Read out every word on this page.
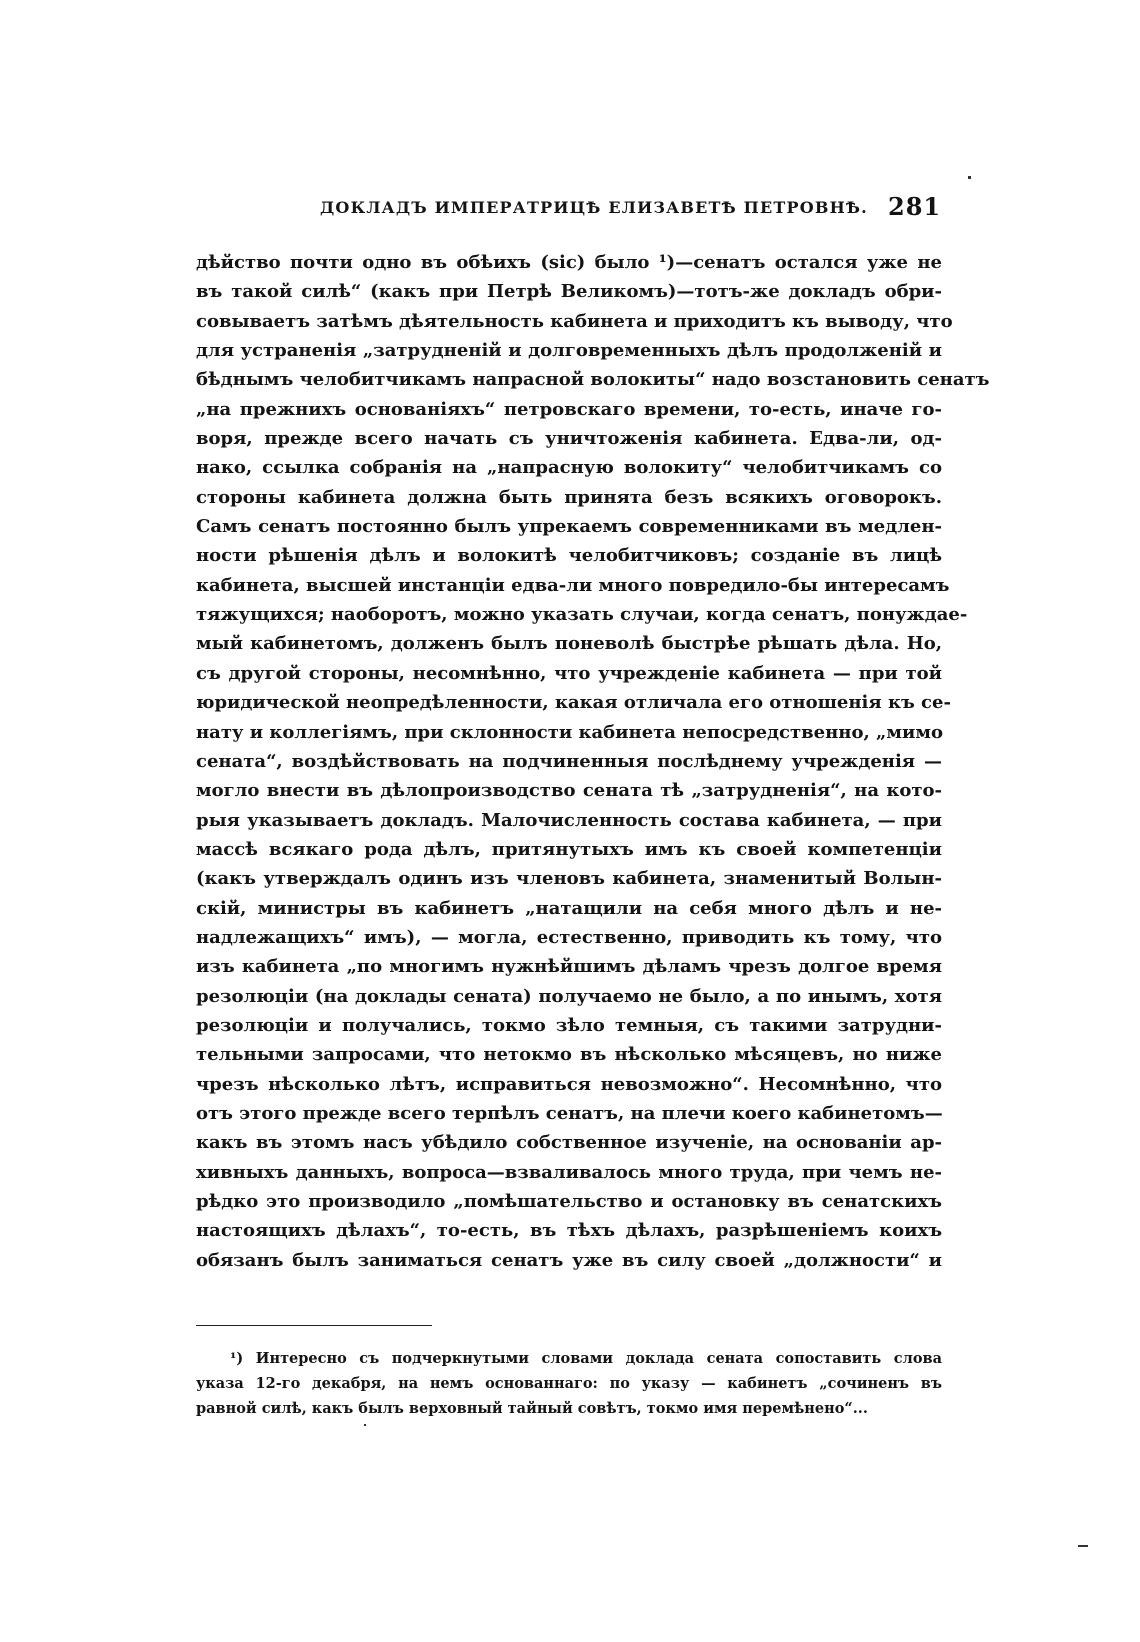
ДОКЛАДЪ ИМПЕРАТРИЦѢ ЕЛИЗАВЕТѢ ПЕТРОВНѢ. 281
дѣйство почти одно въ обѣихъ (sic) было ¹)—сенатъ остался уже не
въ такой силѣ“ (какъ при Петрѣ Великомъ)—тотъ-же докладъ обри-
совываетъ затѣмъ дѣятельность кабинета и приходитъ къ выводу, что
для устраненія „затрудненій и долговременныхъ дѣлъ продолженій и
бѣднымъ челобитчикамъ напрасной волокиты“ надо возстановить сенатъ
„на прежнихъ основаніяхъ“ петровскаго времени, то-есть, иначе го-
воря, прежде всего начать съ уничтоженія кабинета. Едва-ли, од-
нако, ссылка собранія на „напрасную волокиту“ челобитчикамъ со
стороны кабинета должна быть принята безъ всякихъ оговорокъ.
Самъ сенатъ постоянно былъ упрекаемъ современниками въ медлен-
ности рѣшенія дѣлъ и волокитѣ челобитчиковъ; созданіе въ лицѣ
кабинета, высшей инстанціи едва-ли много повредило-бы интересамъ
тяжущихся; наоборотъ, можно указать случаи, когда сенатъ, понуждае-
мый кабинетомъ, долженъ былъ поневолѣ быстрѣе рѣшать дѣла. Но,
съ другой стороны, несомнѣнно, что учрежденіе кабинета — при той
юридической неопредѣленности, какая отличала его отношенія къ се-
нату и коллегіямъ, при склонности кабинета непосредственно, „мимо
сената“, воздѣйствовать на подчиненныя послѣднему учрежденія —
могло внести въ дѣлопроизводство сената тѣ „затрудненія“, на кото-
рыя указываетъ докладъ. Малочисленность состава кабинета, — при
массѣ всякаго рода дѣлъ, притянутыхъ имъ къ своей компетенціи
(какъ утверждалъ одинъ изъ членовъ кабинета, знаменитый Волын-
скій, министры въ кабинетъ „натащили на себя много дѣлъ и не-
надлежащихъ“ имъ), — могла, естественно, приводить къ тому, что
изъ кабинета „по многимъ нужнѣйшимъ дѣламъ чрезъ долгое время
резолюціи (на доклады сената) получаемо не было, а по инымъ, хотя
резолюціи и получались, токмо зѣло темныя, съ такими затрудни-
тельными запросами, что нетокмо въ нѣсколько мѣсяцевъ, но ниже
чрезъ нѣсколько лѣтъ, исправиться невозможно“. Несомнѣнно, что
отъ этого прежде всего терпѣлъ сенатъ, на плечи коего кабинетомъ—
какъ въ этомъ насъ убѣдило собственное изученіе, на основаніи ар-
хивныхъ данныхъ, вопроса—взваливалось много труда, при чемъ не-
рѣдко это производило „помѣшательство и остановку въ сенатскихъ
настоящихъ дѣлахъ“, то-есть, въ тѣхъ дѣлахъ, разрѣшеніемъ коихъ
обязанъ былъ заниматься сенатъ уже въ силу своей „должности“ и
¹) Интересно съ подчеркнутыми словами доклада сената сопоставить слова
указа 12-го декабря, на немъ основаннаго: по указу — кабинетъ „сочиненъ въ
равной силѣ, какъ былъ верховный тайный совѣтъ, токмо имя перемѣнено“...
